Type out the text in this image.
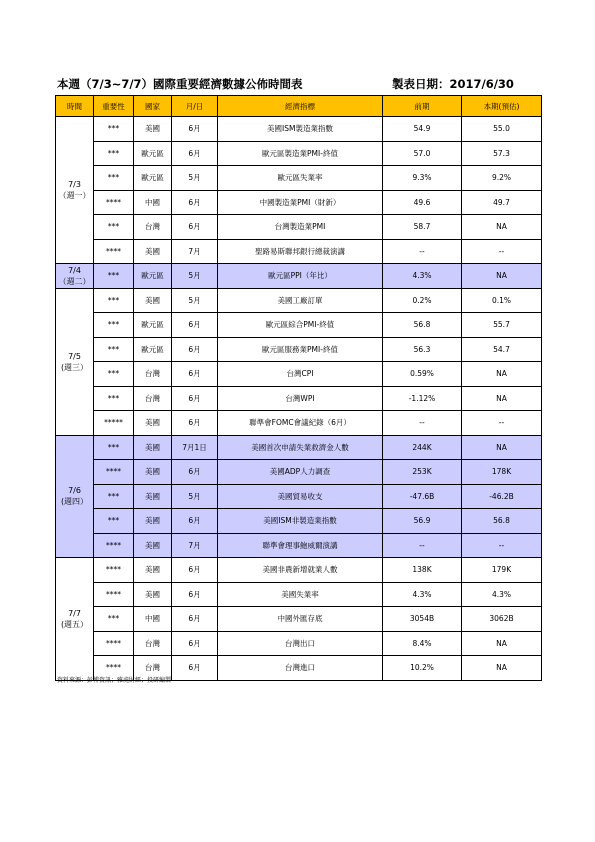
本週（7/3~7/7）國際重要經濟數據公佈時間表	製表日期：2017/6/30
時間	重要性	國家	月/日	經濟指標	前期	本期(預估)

7/3
（週一）	***	美國	6月	美國ISM製造業指數	54.9	55.0
	***	歐元區	6月	歐元區製造業PMI-終值	57.0	57.3
	***	歐元區	5月	歐元區失業率	9.3%	9.2%
	****	中國	6月	中國製造業PMI（財新）	49.6	49.7
	***	台灣	6月	台灣製造業PMI	58.7	NA
	****	美國	7月	聖路易斯聯邦銀行總裁演講	--	--

7/4
（週二）	***	歐元區	5月	歐元區PPI（年比）	4.3%	NA

7/5
(週三）	***	美國	5月	美國工廠訂單	0.2%	0.1%
	***	歐元區	6月	歐元區綜合PMI-終值	56.8	55.7
	***	歐元區	6月	歐元區服務業PMI-終值	56.3	54.7
	***	台灣	6月	台灣CPI	0.59%	NA
	***	台灣	6月	台灣WPI	-1.12%	NA
	*****	美國	6月	聯準會FOMC會議紀錄（6月）	--	--

7/6
(週四）	***	美國	7月1日	美國首次申請失業救濟金人數	244K	NA
	****	美國	6月	美國ADP人力調查	253K	178K
	***	美國	5月	美國貿易收支	-47.6B	-46.2B
	***	美國	6月	美國ISM非製造業指數	56.9	56.8
	****	美國	7月	聯準會理事鮑威爾演講	--	--

7/7
(週五）	****	美國	6月	美國非農新增就業人數	138K	179K
	****	美國	6月	美國失業率	4.3%	4.3%
	***	中國	6月	中國外匯存底	3054B	3062B
	****	台灣	6月	台灣出口	8.4%	NA
	****	台灣	6月	台灣進口	10.2%	NA
資料來源：彭博資訊；雅虎財經；投研編製
